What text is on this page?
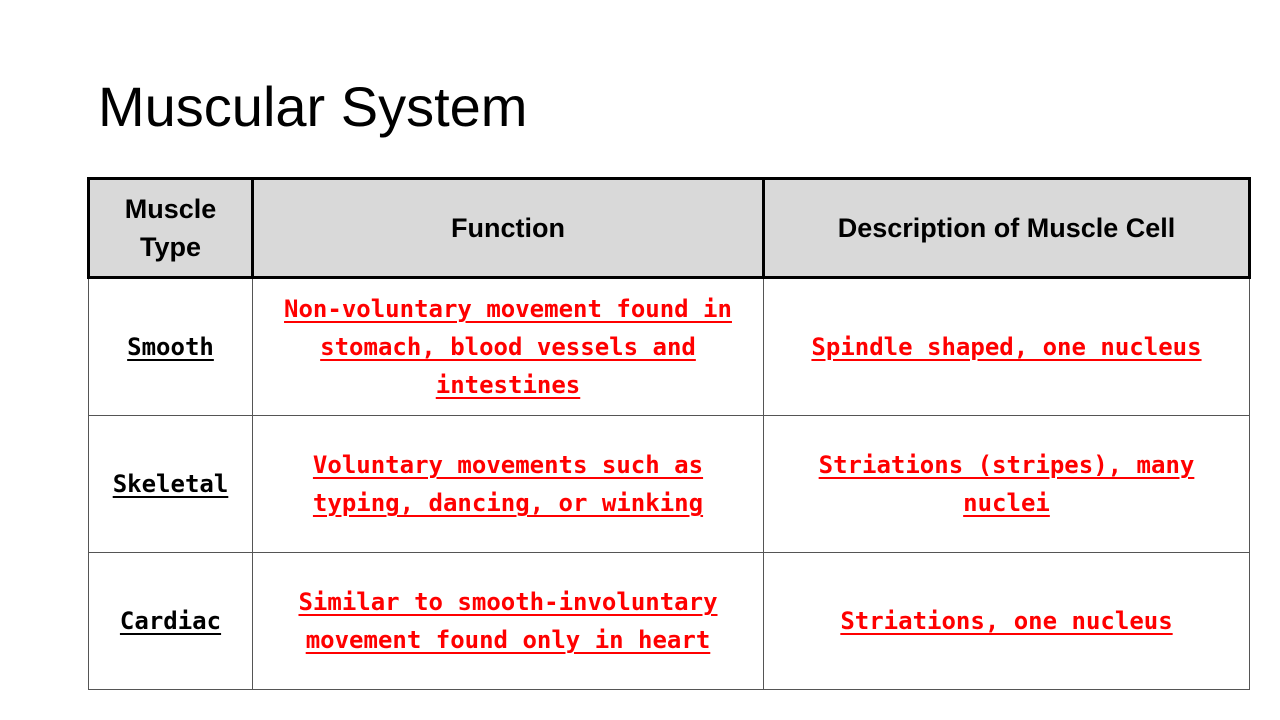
Muscular System
Muscle Type	Function	Description of Muscle Cell
Smooth	Non-voluntary movement found in stomach, blood vessels and intestines	Spindle shaped, one nucleus
Skeletal	Voluntary movements such as typing, dancing, or winking	Striations (stripes), many nuclei
Cardiac	Similar to smooth-involuntary movement found only in heart	Striations, one nucleus
